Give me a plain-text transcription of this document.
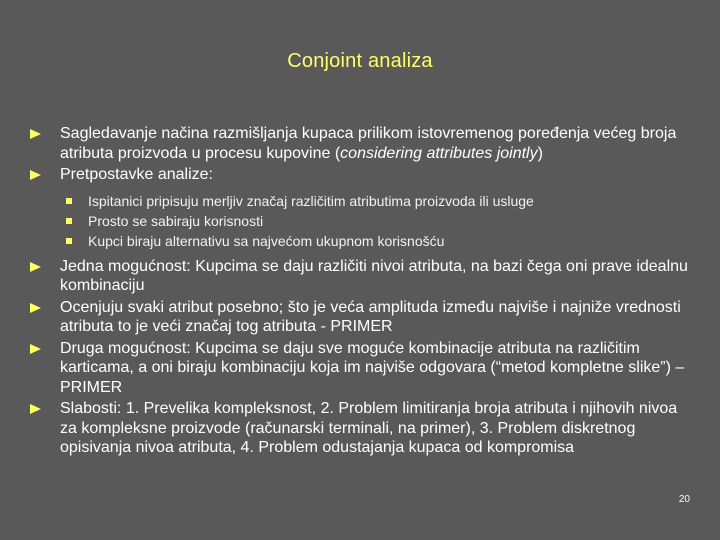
Conjoint analiza
Sagledavanje načina razmišljanja kupaca prilikom istovremenog poređenja većeg broja atributa proizvoda u procesu kupovine (considering attributes jointly)
Pretpostavke analize:
Ispitanici pripisuju merljiv značaj različitim atributima proizvoda ili usluge
Prosto se sabiraju korisnosti
Kupci biraju alternativu sa najvećom ukupnom korisnošću
Jedna mogućnost: Kupcima se daju različiti nivoi atributa, na bazi čega oni prave idealnu kombinaciju
Ocenjuju svaki atribut posebno; što je veća amplituda između najviše i najniže vrednosti atributa to je veći značaj tog atributa - PRIMER
Druga mogućnost: Kupcima se daju sve moguće kombinacije atributa na različitim karticama, a oni biraju kombinaciju koja im najviše odgovara (“metod kompletne slike”) – PRIMER
Slabosti: 1. Prevelika kompleksnost, 2. Problem limitiranja broja atributa i njihovih nivoa za kompleksne proizvode (računarski terminali, na primer), 3. Problem diskretnog opisivanja nivoa atributa, 4. Problem odustajanja kupaca od kompromisa
20
